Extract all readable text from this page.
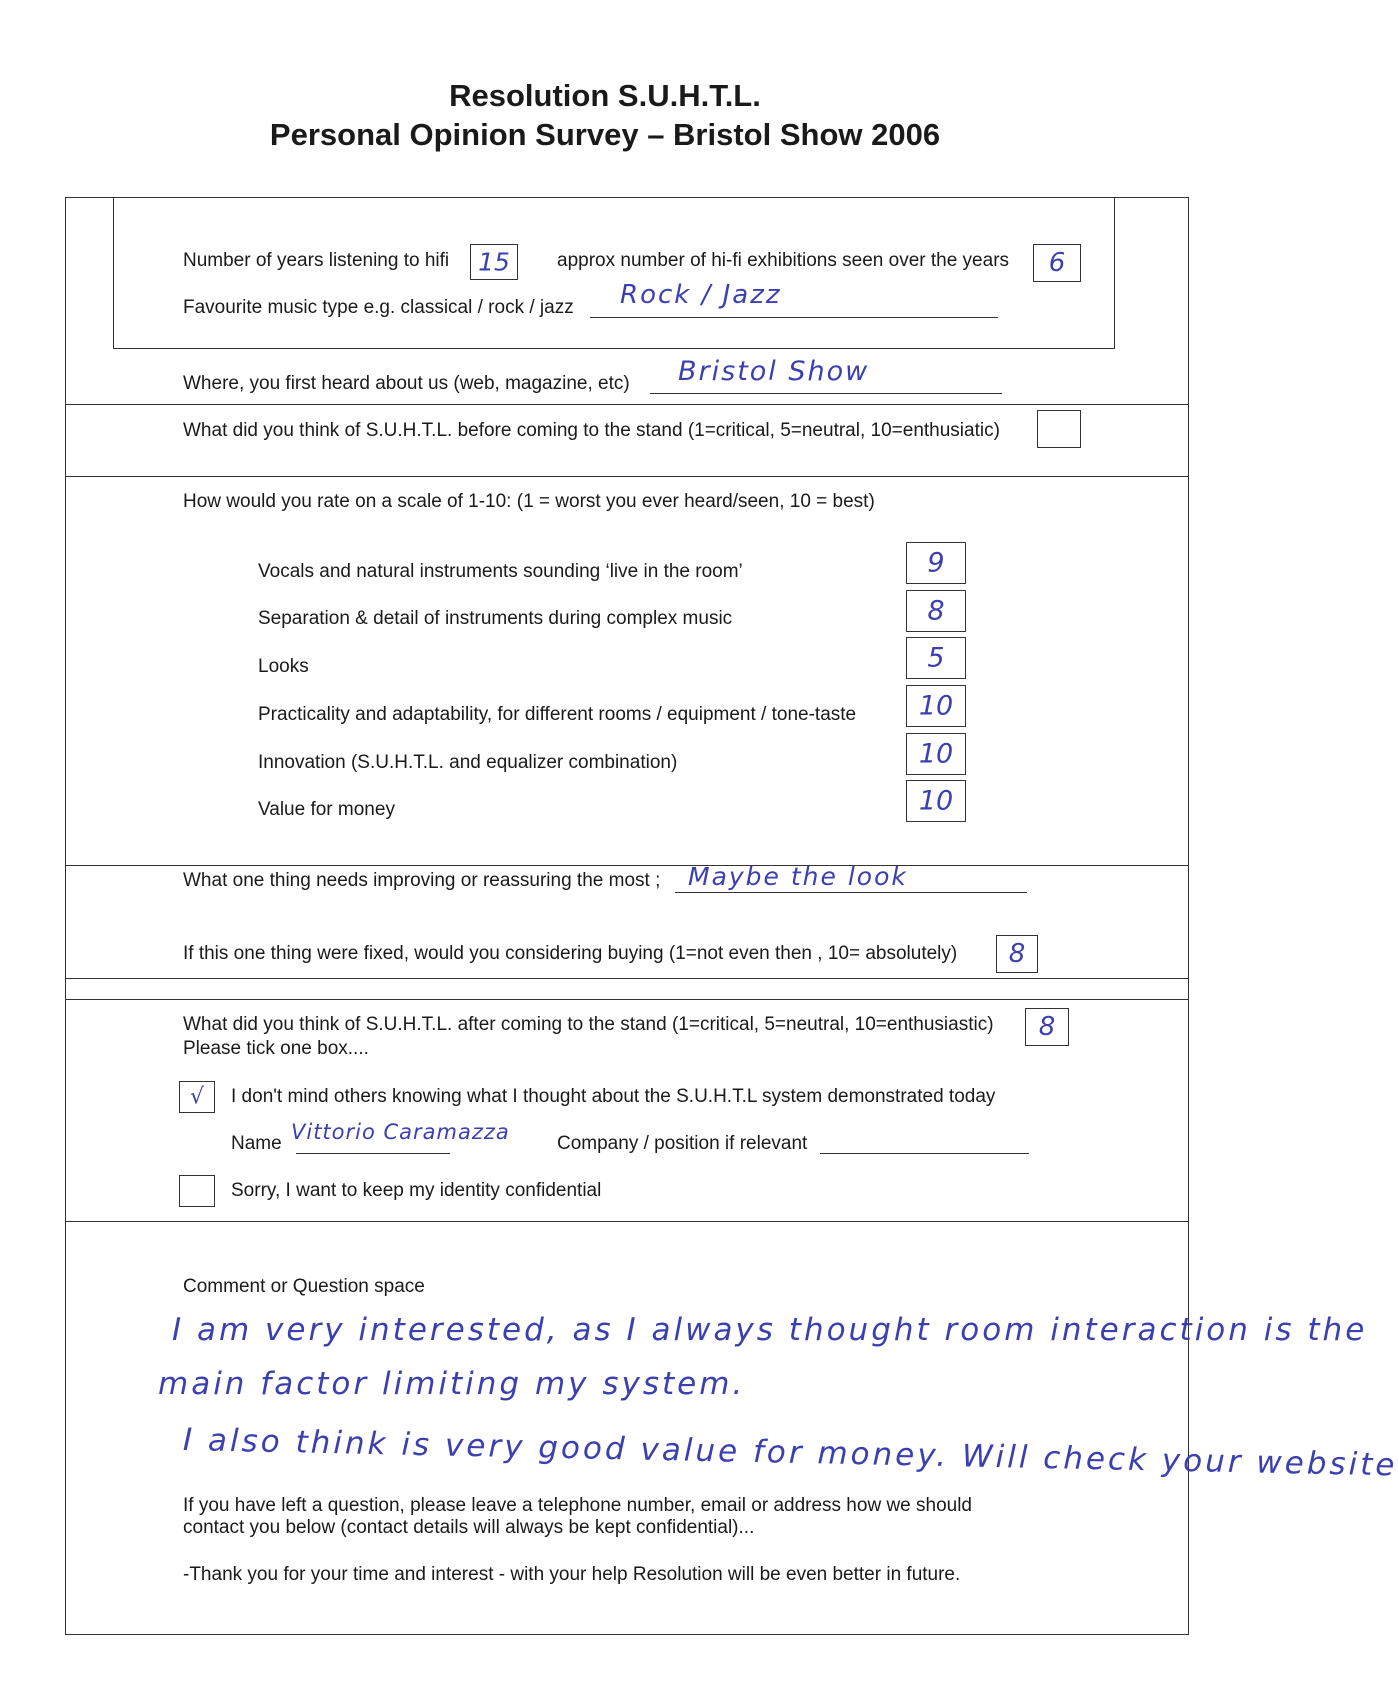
Resolution S.U.H.T.L.
Personal Opinion Survey – Bristol Show 2006
Number of years listening to hifi 15	approx number of hi-fi exhibitions seen over the years	6
Favourite music type e.g. classical / rock / jazz Rock / Jazz
Where, you first heard about us (web, magazine, etc) Bristol Show
What did you think of S.U.H.T.L. before coming to the stand (1=critical, 5=neutral, 10=enthusiatic)
How would you rate on a scale of 1-10: (1 = worst you ever heard/seen, 10 = best)
Vocals and natural instruments sounding ‘live in the room’	9
Separation & detail of instruments during complex music	8
Looks	5
Practicality and adaptability, for different rooms / equipment / tone-taste	10
Innovation (S.U.H.T.L. and equalizer combination)	10
Value for money	10
What one thing needs improving or reassuring the most ; Maybe the look
If this one thing were fixed, would you considering buying (1=not even then , 10= absolutely)	8
What did you think of S.U.H.T.L. after coming to the stand (1=critical, 5=neutral, 10=enthusiastic)	8
Please tick one box....
√	I don't mind others knowing what I thought about the S.U.H.T.L system demonstrated today
Name Vittorio Caramazza Company / position if relevant
Sorry, I want to keep my identity confidential
Comment or Question space
I am very interested, as I always thought room interaction is the
main factor limiting my system.
I also think is very good value for money. Will check your website
If you have left a question, please leave a telephone number, email or address how we should
contact you below (contact details will always be kept confidential)...
-Thank you for your time and interest - with your help Resolution will be even better in future.
